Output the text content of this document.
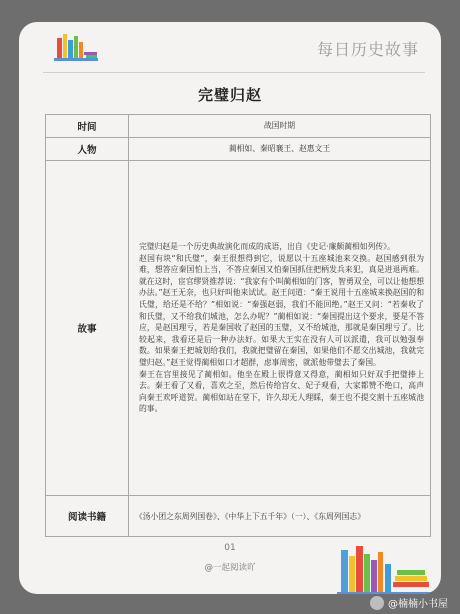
每日历史故事
完璧归赵
时间	战国时期
人物	蔺相如、秦昭襄王、赵惠文王
故事	完璧归赵是一个历史典故演化而成的成语，出自《史记·廉颇蔺相如列传》。

赵国有块“和氏璧”，秦王很想得到它，说愿以十五座城池来交换。赵国感到很为难，想答应秦国怕上当，不答应秦国又怕秦国抓住把柄发兵来犯，真是进退两难。就在这时，宦官缪贤推荐说：“我家有个叫蔺相如的门客，智勇双全，可以让他想想办法。”赵王无奈，也只好叫他来试试。赵王问道：“秦王说用十五座城来换赵国的和氏璧，给还是不给？”相如说：“秦强赵弱，我们不能回绝。”赵王又问：“若秦收了和氏璧，又不给我们城池，怎么办呢？”蔺相如说：“秦国提出这个要求，要是不答应，是赵国理亏，若是秦国收了赵国的玉璧，又不给城池，那就是秦国理亏了。比较起来，我看还是后一种办法好。如果大王实在没有人可以派遣，我可以勉强奉数。如果秦王把城划给我们，我就把璧留在秦国，如果他们不愿交出城池，我就完璧归赵。”赵王觉得蔺相如口才超群，虑事周密，就派他带璧去了秦国。

秦王在宫里接见了蔺相如。他坐在殿上很得意又得意，蔺相如只好双手把璧捧上去。秦王看了又看，喜欢之至，然后传给宫女、妃子观看，大家都赞不绝口，高声向秦王欢呼道贺。蔺相如站在堂下，许久却无人理睬，秦王也不提交割十五座城池的事。

阅读书籍	《汤小团之东周列国卷》、《中华上下五千年》（一）、《东周列国志》
01
@一起阅读吖
@楠楠小书屋
